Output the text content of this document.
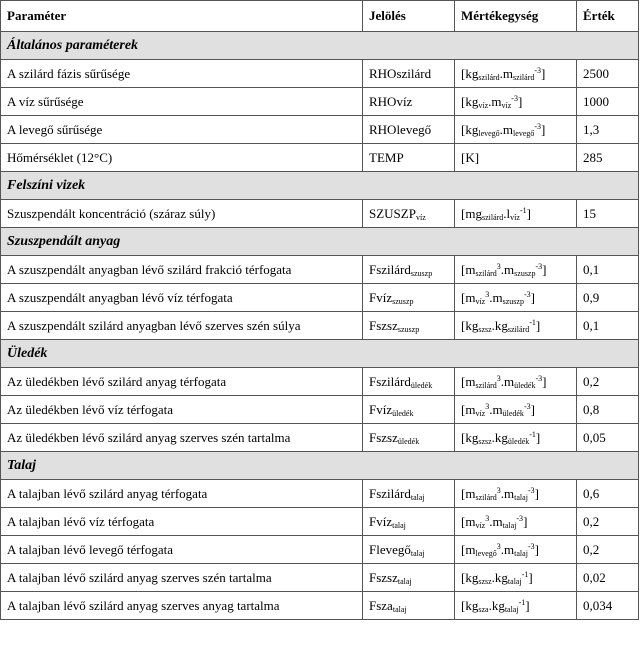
Paraméter	Jelölés	Mértékegység	Érték
Általános paraméterek			
A szilárd fázis sűrűsége	RHOszilárd	$[kg_{szilárd}.m_{szilárd}^{-3}]$	2500
A víz sűrűsége	RHOvíz	$[kg_{víz}.m_{víz}^{-3}]$	1000
A levegő sűrűsége	RHOlevegő	$[kg_{levegő}.m_{levegő}^{-3}]$	1,3
Hőmérséklet (12°C)	TEMP	[K]	285
Felszíni vizek			
Szuszpendált koncentráció (száraz súly)	$SZUSZP_{víz}$	$[mg_{szilárd}.l_{víz}^{-1}]$	15
Szuszpendált anyag			
A szuszpendált anyagban lévő szilárd frakció térfogata	Fszilárd$_{szuszp}$	$[m_{szilárd}^3.m_{szuszp}^{-3}]$	0,1
A szuszpendált anyagban lévő víz térfogata	Fvíz$_{szuszp}$	$[m_{víz}^3.m_{szuszp}^{-3}]$	0,9
A szuszpendált szilárd anyagban lévő szerves szén súlya	Fszsz$_{szuszp}$	$[kg_{szsz}.kg_{szilárd}^{-1}]$	0,1
Üledék			
Az üledékben lévő szilárd anyag térfogata	Fszilárd$_{üledék}$	$[m_{szilárd}^3.m_{üledék}^{-3}]$	0,2
Az üledékben lévő víz térfogata	Fvíz$_{üledék}$	$[m_{víz}^3.m_{üledék}^{-3}]$	0,8
Az üledékben lévő szilárd anyag szerves szén tartalma	Fszsz$_{üledék}$	$[kg_{szsz}.kg_{üledék}^{-1}]$	0,05
Talaj			
A talajban lévő szilárd anyag térfogata	Fszilárd$_{talaj}$	$[m_{szilárd}^3.m_{talaj}^{-3}]$	0,6
A talajban lévő víz térfogata	Fvíz$_{talaj}$	$[m_{víz}^3.m_{talaj}^{-3}]$	0,2
A talajban lévő levegő térfogata	Flevegő$_{talaj}$	$[m_{levegő}^3.m_{talaj}^{-3}]$	0,2
A talajban lévő szilárd anyag szerves szén tartalma	Fszsz$_{talaj}$	$[kg_{szsz}.kg_{talaj}^{-1}]$	0,02
A talajban lévő szilárd anyag szerves anyag tartalma	Fsza$_{talaj}$	$[kg_{sza}.kg_{talaj}^{-1}]$	0,034
